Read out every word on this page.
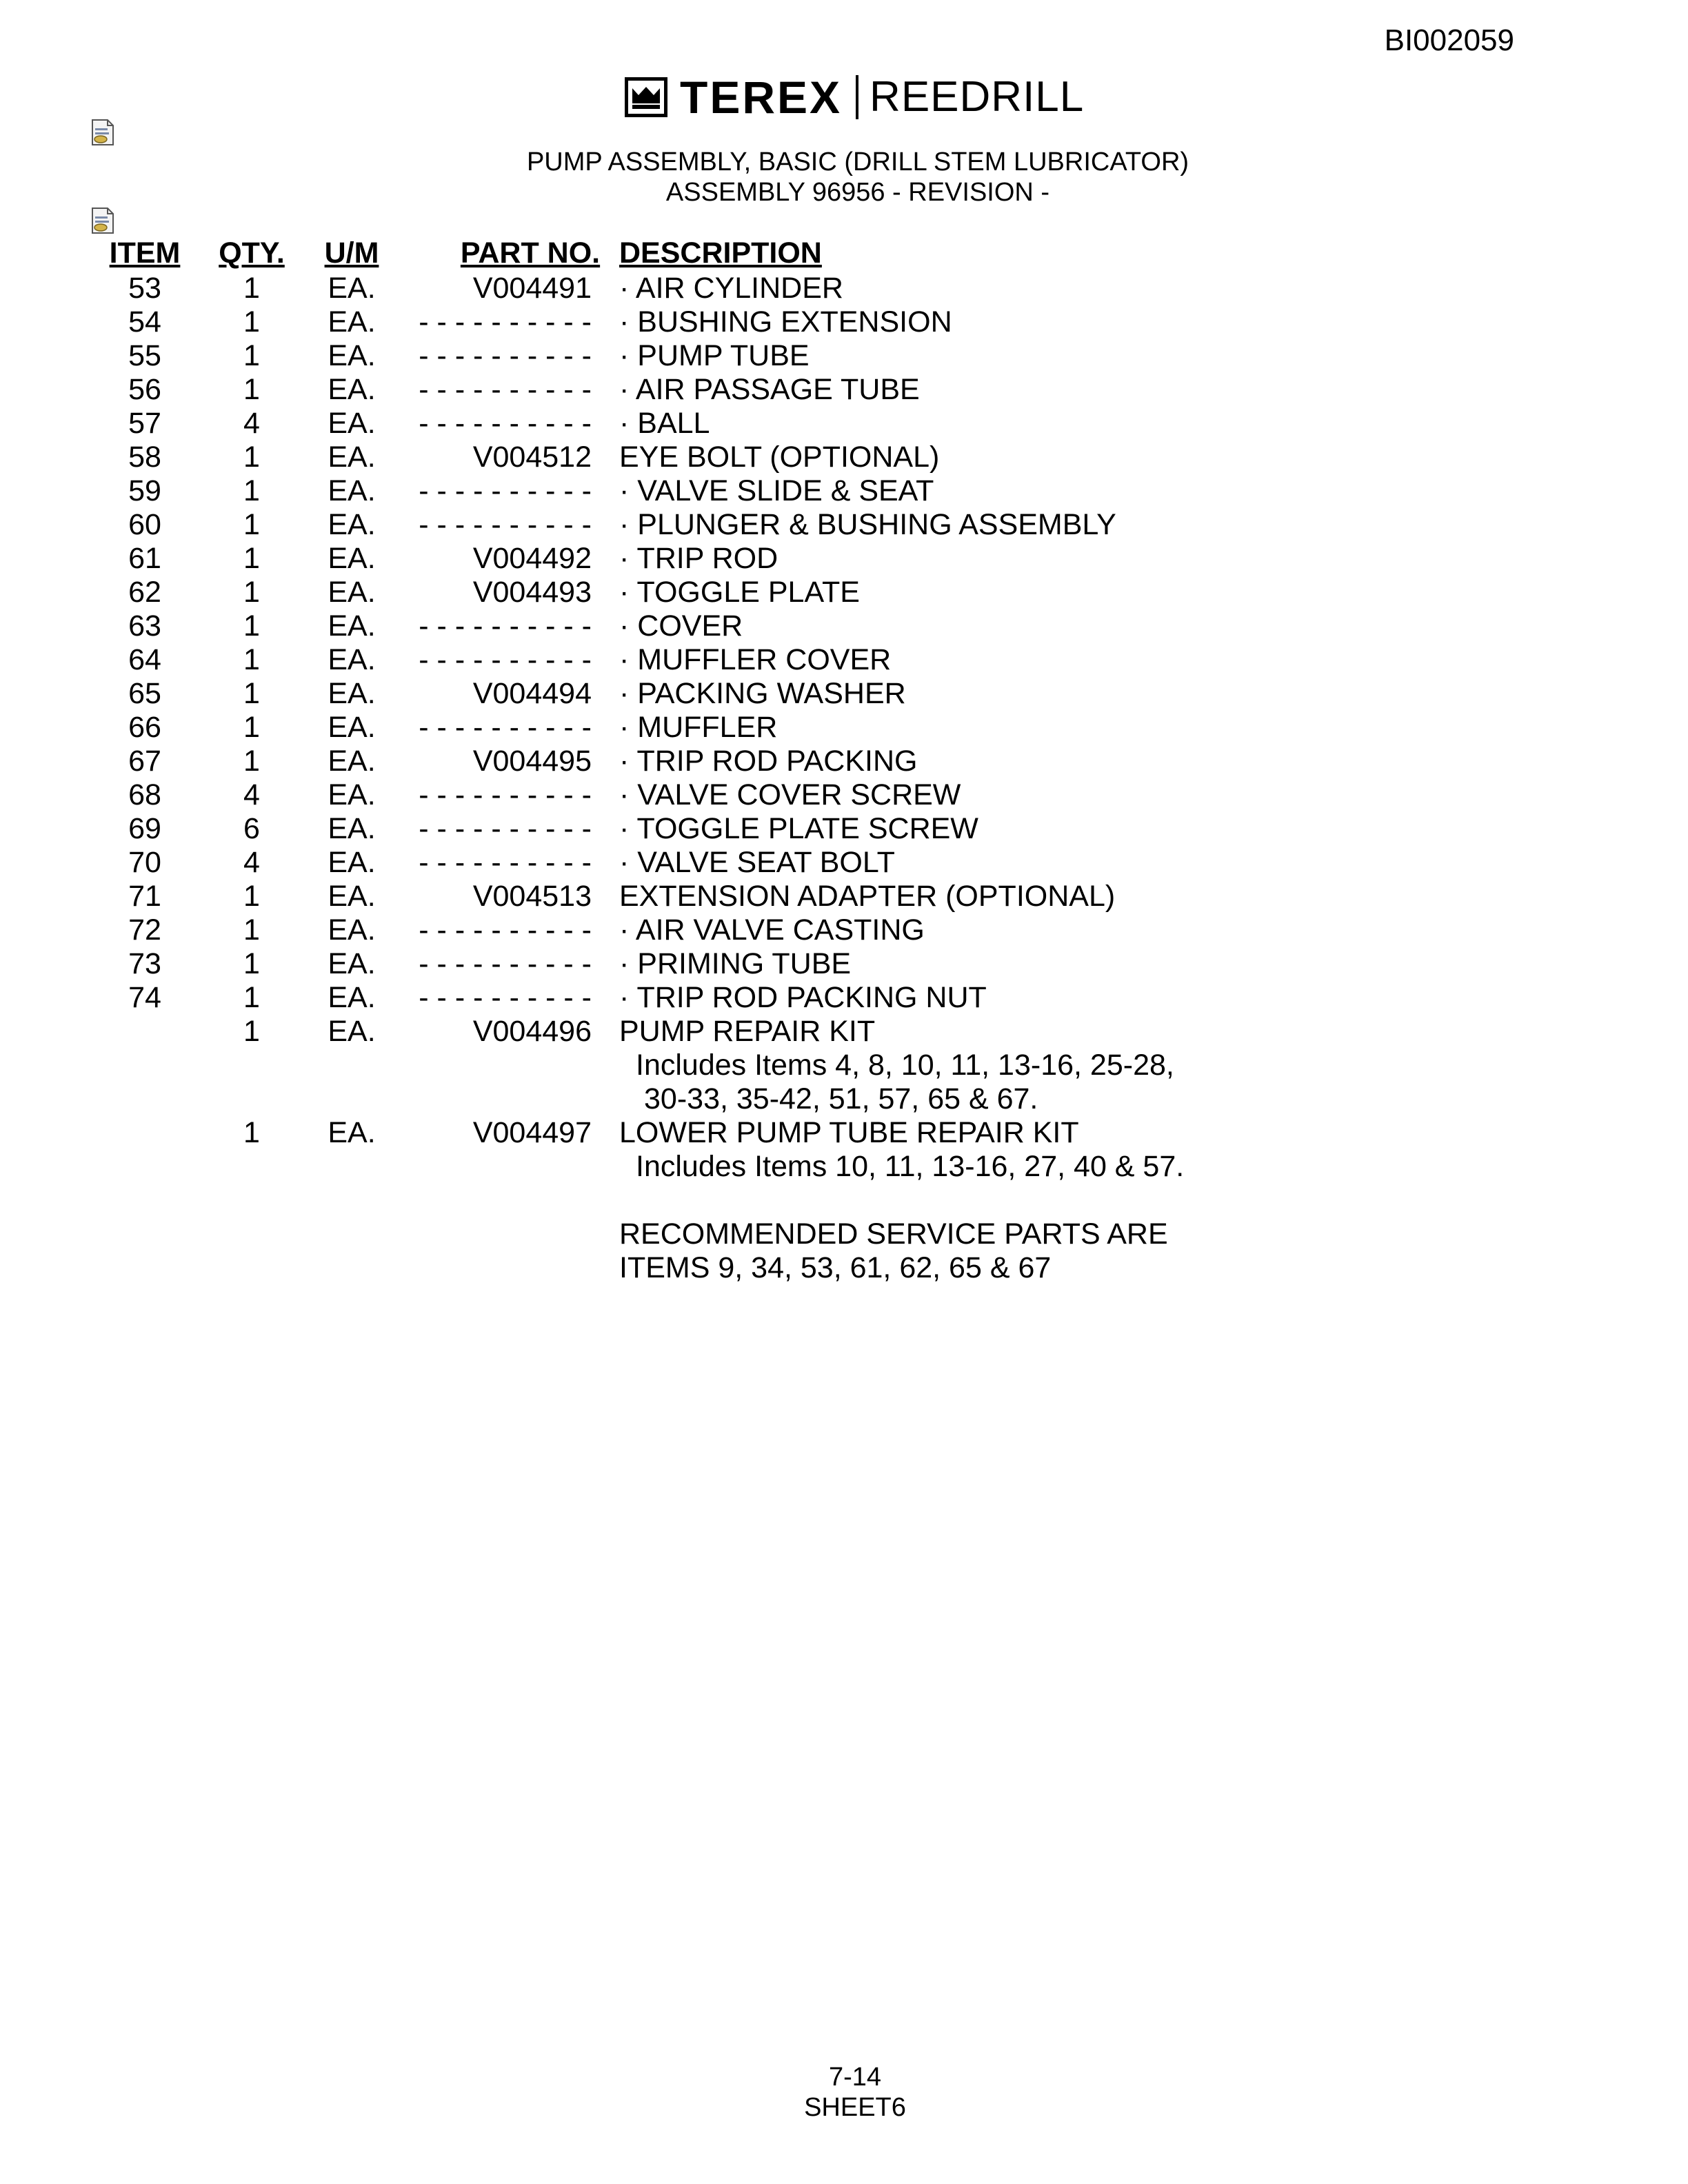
BI002059
TEREX REEDRILL
PUMP ASSEMBLY, BASIC (DRILL STEM LUBRICATOR)
ASSEMBLY 96956 - REVISION -
ITEM	QTY.	U/M	PART NO.	DESCRIPTION
53	1	EA.	V004491	· AIR CYLINDER
54	1	EA.	- - - - - - - - - -	· BUSHING EXTENSION
55	1	EA.	- - - - - - - - - -	· PUMP TUBE
56	1	EA.	- - - - - - - - - -	· AIR PASSAGE TUBE
57	4	EA.	- - - - - - - - - -	· BALL
58	1	EA.	V004512	EYE BOLT (OPTIONAL)
59	1	EA.	- - - - - - - - - -	· VALVE SLIDE & SEAT
60	1	EA.	- - - - - - - - - -	· PLUNGER & BUSHING ASSEMBLY
61	1	EA.	V004492	· TRIP ROD
62	1	EA.	V004493	· TOGGLE PLATE
63	1	EA.	- - - - - - - - - -	· COVER
64	1	EA.	- - - - - - - - - -	· MUFFLER COVER
65	1	EA.	V004494	· PACKING WASHER
66	1	EA.	- - - - - - - - - -	· MUFFLER
67	1	EA.	V004495	· TRIP ROD PACKING
68	4	EA.	- - - - - - - - - -	· VALVE COVER SCREW
69	6	EA.	- - - - - - - - - -	· TOGGLE PLATE SCREW
70	4	EA.	- - - - - - - - - -	· VALVE SEAT BOLT
71	1	EA.	V004513	EXTENSION ADAPTER (OPTIONAL)
72	1	EA.	- - - - - - - - - -	· AIR VALVE CASTING
73	1	EA.	- - - - - - - - - -	· PRIMING TUBE
74	1	EA.	- - - - - - - - - -	· TRIP ROD PACKING NUT
	1	EA.	V004496	PUMP REPAIR KIT
				Includes Items 4, 8, 10, 11, 13-16, 25-28,
				30-33, 35-42, 51, 57, 65 & 67.
	1	EA.	V004497	LOWER PUMP TUBE REPAIR KIT
				Includes Items 10, 11, 13-16, 27, 40 & 57.

				RECOMMENDED SERVICE PARTS ARE
				ITEMS 9, 34, 53, 61, 62, 65 & 67
7-14
SHEET6
